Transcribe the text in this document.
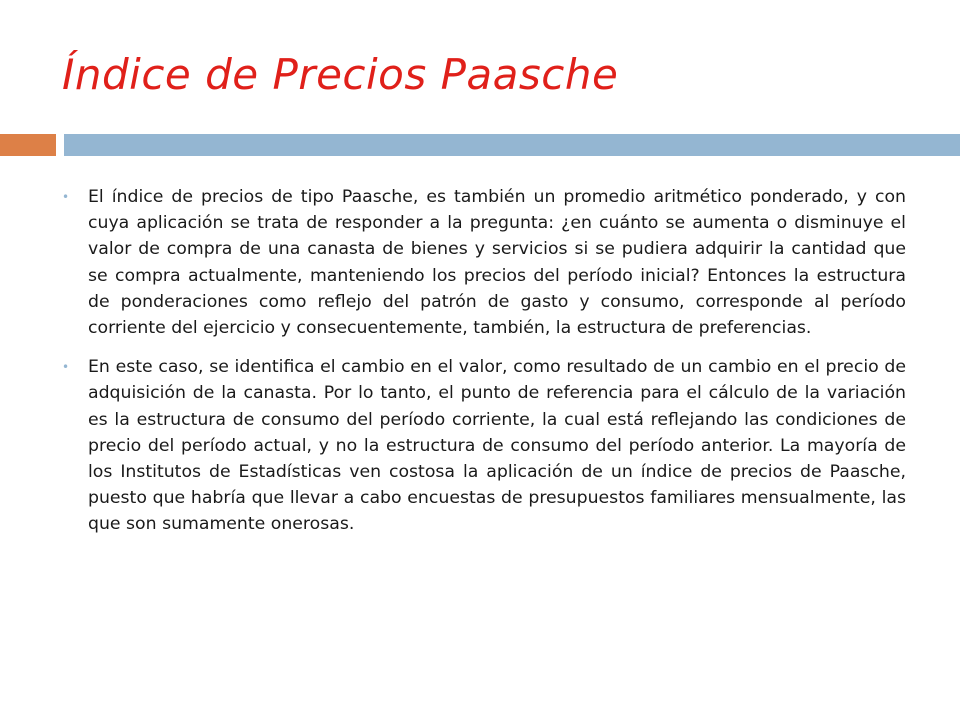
Índice de Precios Paasche
• El índice de precios de tipo Paasche, es también un promedio aritmético ponderado, y con cuya aplicación se trata de responder a la pregunta: ¿en cuánto se aumenta o disminuye el valor de compra de una canasta de bienes y servicios si se pudiera adquirir la cantidad que se compra actualmente, manteniendo los precios del período inicial? Entonces la estructura de ponderaciones como reflejo del patrón de gasto y consumo, corresponde al período corriente del ejercicio y consecuentemente, también, la estructura de preferencias.
• En este caso, se identifica el cambio en el valor, como resultado de un cambio en el precio de adquisición de la canasta. Por lo tanto, el punto de referencia para el cálculo de la variación es la estructura de consumo del período corriente, la cual está reflejando las condiciones de precio del período actual, y no la estructura de consumo del período anterior. La mayoría de los Institutos de Estadísticas ven costosa la aplicación de un índice de precios de Paasche, puesto que habría que llevar a cabo encuestas de presupuestos familiares mensualmente, las que son sumamente onerosas.
